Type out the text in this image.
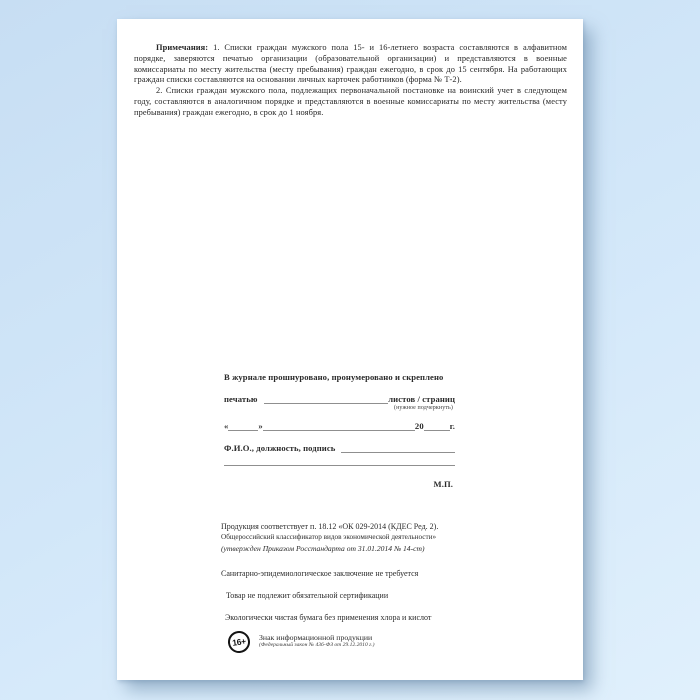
Примечания: 1. Списки граждан мужского пола 15- и 16-летнего возраста составляются в алфавитном порядке, заверяются печатью организации (образовательной организации) и представляются в военные комиссариаты по месту жительства (месту пребывания) граждан ежегодно, в срок до 15 сентября. На работающих граждан списки составляются на основании личных карточек работников (форма № Т-2).

2. Списки граждан мужского пола, подлежащих первоначальной постановке на воинский учет в следующем году, составляются в аналогичном порядке и представляются в военные комиссариаты по месту жительства (месту пребывания) граждан ежегодно, в срок до 1 ноября.

В журнале прошнуровано, пронумеровано и скреплено
печатью	листов / страниц
(нужное подчеркнуть)
«	»	20	г.
Ф.И.О., должность, подпись
М.П.
Продукция соответствует п. 18.12 «ОК 029-2014 (КДЕС Ред. 2).
Общероссийский классификатор видов экономической деятельности»
(утвержден Приказом Росстандарта от 31.01.2014 № 14-ст)
Санитарно-эпидемиологическое заключение не требуется
Товар не подлежит обязательной сертификации
Экологически чистая бумага без применения хлора и кислот
16+ Знак информационной продукции
(Федеральный закон № 436-ФЗ от 29.12.2010 г.)
